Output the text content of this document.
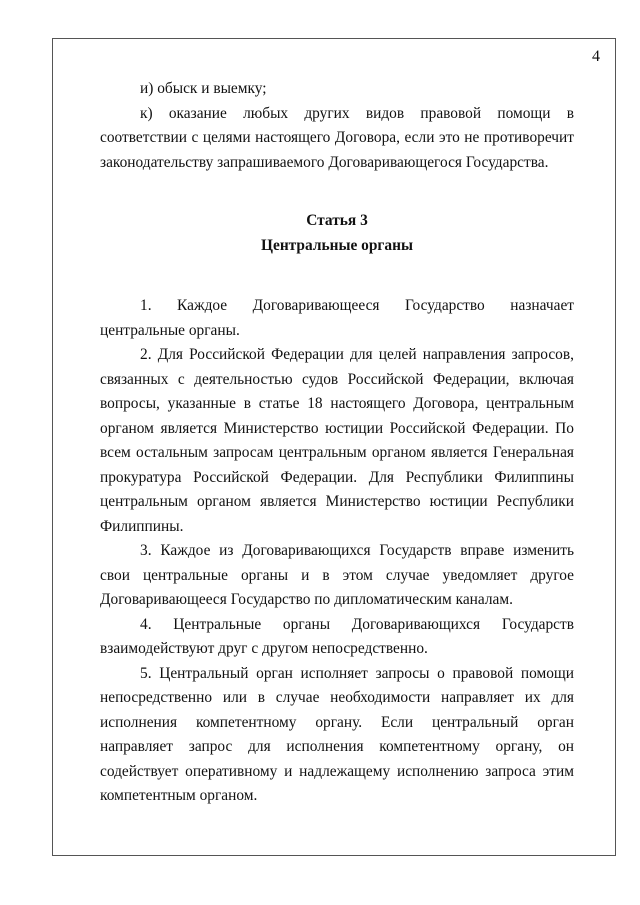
4

и) обыск и выемку;

к) оказание любых других видов правовой помощи в соответствии с целями настоящего Договора, если это не противоречит законодательству запрашиваемого Договаривающегося Государства.

Статья 3

Центральные органы

1. Каждое Договаривающееся Государство назначает центральные органы.

2. Для Российской Федерации для целей направления запросов, связанных с деятельностью судов Российской Федерации, включая вопросы, указанные в статье 18 настоящего Договора, центральным органом является Министерство юстиции Российской Федерации. По всем остальным запросам центральным органом является Генеральная прокуратура Российской Федерации. Для Республики Филиппины центральным органом является Министерство юстиции Республики Филиппины.

3. Каждое из Договаривающихся Государств вправе изменить свои центральные органы и в этом случае уведомляет другое Договаривающееся Государство по дипломатическим каналам.

4. Центральные органы Договаривающихся Государств взаимодействуют друг с другом непосредственно.

5. Центральный орган исполняет запросы о правовой помощи непосредственно или в случае необходимости направляет их для исполнения компетентному органу. Если центральный орган направляет запрос для исполнения компетентному органу, он содействует оперативному и надлежащему исполнению запроса этим компетентным органом.
